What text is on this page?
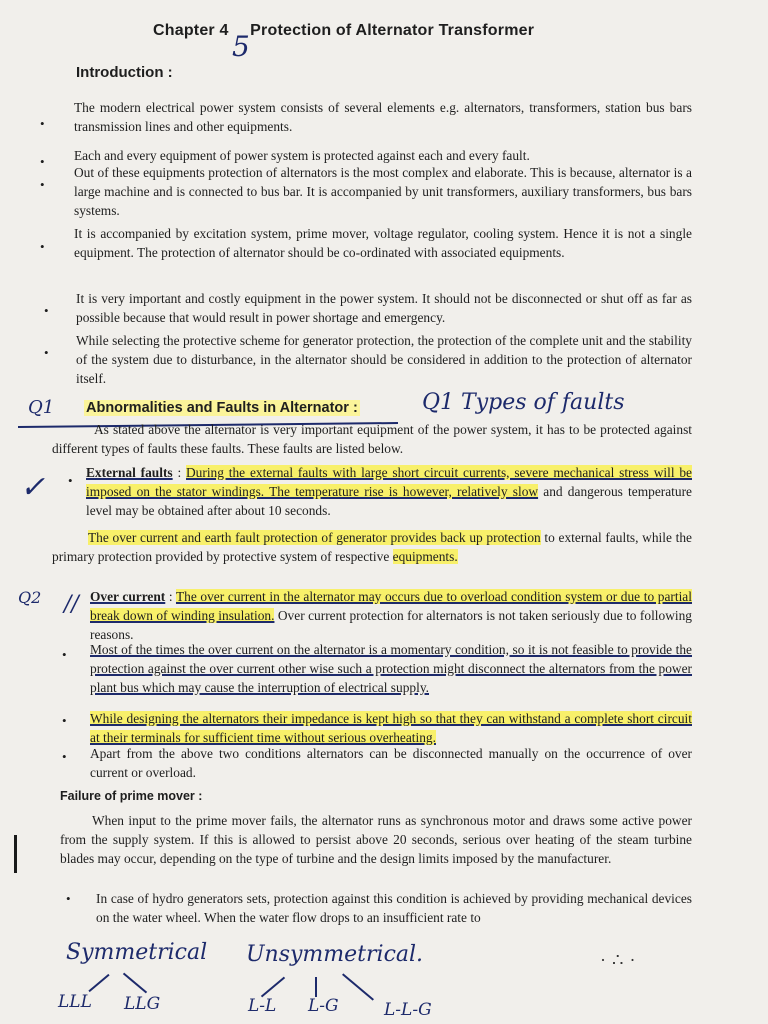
Chapter 4 Protection of Alternator Transformer
5
Introduction :
•
The modern electrical power system consists of several elements e.g. alternators, transformers, station bus bars transmission lines and other equipments.
• Each and every equipment of power system is protected against each and every fault.
•
Out of these equipments protection of alternators is the most complex and elaborate. This is because, alternator is a large machine and is connected to bus bar. It is accompanied by unit transformers, auxiliary transformers, bus bars systems.
•
It is accompanied by excitation system, prime mover, voltage regulator, cooling system. Hence it is not a single equipment. The protection of alternator should be co-ordinated with associated equipments.
•
It is very important and costly equipment in the power system. It should not be disconnected or shut off as far as possible because that would result in power shortage and emergency.
•
While selecting the protective scheme for generator protection, the protection of the complete unit and the stability of the system due to disturbance, in the alternator should be considered in addition to the protection of alternator itself.
Q1 Abnormalities and Faults in Alternator :	Q1 Types of faults
As stated above the alternator is very important equipment of the power system, it has to be protected against different types of faults these faults. These faults are listed below.
✓ •
External faults : During the external faults with large short circuit currents, severe mechanical stress will be imposed on the stator windings. The temperature rise is however, relatively slow and dangerous temperature level may be obtained after about 10 seconds.
The over current and earth fault protection of generator provides back up protection to external faults, while the primary protection provided by protective system of respective equipments.
Q2 // Over current : The over current in the alternator may occurs due to overload condition system or due to partial break down of winding insulation. Over current protection for alternators is not taken seriously due to following reasons.
• Most of the times the over current on the alternator is a momentary condition, so it is not feasible to provide the protection against the over current other wise such a protection might disconnect the alternators from the power plant bus which may cause the interruption of electrical supply.
• While designing the alternators their impedance is kept high so that they can withstand a complete short circuit at their terminals for sufficient time without serious overheating.
• Apart from the above two conditions alternators can be disconnected manually on the occurrence of over current or overload.
Failure of prime mover :
When input to the prime mover fails, the alternator runs as synchronous motor and draws some active power from the supply system. If this is allowed to persist above 20 seconds, serious over heating of the steam turbine blades may occur, depending on the type of turbine and the design limits imposed by the manufacturer.
• In case of hydro generators sets, protection against this condition is achieved by providing mechanical devices on the water wheel. When the water flow drops to an insufficient rate to
Symmetrical Unsymmetrical.
LLL LLG	L-L L-G	L-L-G
·∴·
